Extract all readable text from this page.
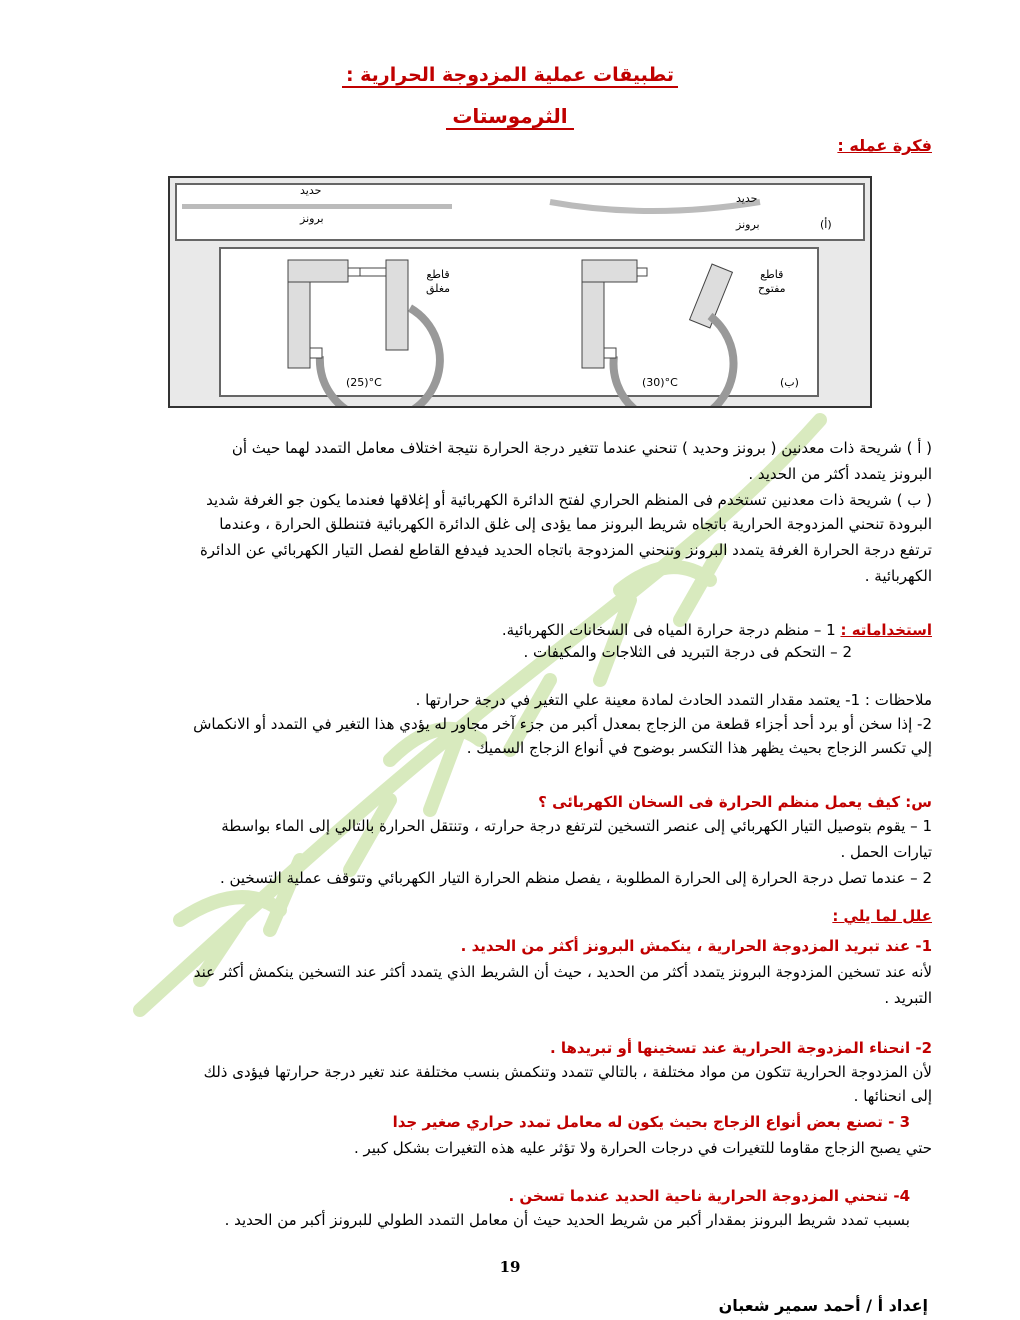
تطبيقات عملية المزدوجة الحرارية :
الثرموستات
فكرة عمله :
حديد
برونز
حديد
برونز	(أ)
قاطع
مغلق
قاطع
مفتوح
(25)°C	(30)°C	(ب)
( أ ) شريحة ذات معدنين ( برونز وحديد ) تنحني عندما تتغير درجة الحرارة نتيجة اختلاف معامل التمدد لهما حيث أن
البرونز يتمدد أكثر من الحديد .
( ب ) شريحة ذات معدنين تستخدم فى المنظم الحراري لفتح الدائرة الكهربائية أو إغلاقها فعندما يكون جو الغرفة شديد
البرودة تنحني المزدوجة الحرارية باتجاه شريط البرونز مما يؤدى إلى غلق الدائرة الكهربائية فتنطلق الحرارة ، وعندما
ترتفع درجة الحرارة الغرفة يتمدد البرونز وتنحني المزدوجة باتجاه الحديد فيدفع القاطع لفصل التيار الكهربائي عن الدائرة
الكهربائية .
استخداماته : 1 – منظم درجة حرارة المياه فى السخانات الكهربائية.
2 – التحكم فى درجة التبريد فى الثلاجات والمكيفات .
ملاحظات : 1- يعتمد مقدار التمدد الحادث لمادة معينة علي التغير في درجة حرارتها .
2- إذا سخن أو برد أحد أجزاء قطعة من الزجاج بمعدل أكبر من جزء آخر مجاور له يؤدي هذا التغير في التمدد أو الانكماش
إلي تكسر الزجاج بحيث يظهر هذا التكسر بوضوح في أنواع الزجاج السميك .
س: كيف يعمل منظم الحرارة فى السخان الكهربائى ؟
1 – يقوم بتوصيل التيار الكهربائي إلى عنصر التسخين لترتفع درجة حرارته ، وتنتقل الحرارة بالتالي إلى الماء بواسطة
تيارات الحمل .
2 – عندما تصل درجة الحرارة إلى الحرارة المطلوبة ، يفصل منظم الحرارة التيار الكهربائي وتتوقف عملية التسخين .
علل لما يلي :
1- عند تبريد المزدوجة الحرارية ، ينكمش البرونز أكثر من الحديد .
لأنه عند تسخين المزدوجة البرونز يتمدد أكثر من الحديد ، حيث أن الشريط الذي يتمدد أكثر عند التسخين ينكمش أكثر عند
التبريد .
2- انحناء المزدوجة الحرارية عند تسخينها أو تبريدها .
لأن المزدوجة الحرارية تتكون من مواد مختلفة ، بالتالي تتمدد وتنكمش بنسب مختلفة عند تغير درجة حرارتها فيؤدى ذلك
إلى انحنائها .
3 - تصنع بعض أنواع الزجاج بحيث يكون له معامل تمدد حراري صغير جدا
حتي يصبح الزجاج مقاوما للتغيرات في درجات الحرارة ولا تؤثر عليه هذه التغيرات بشكل كبير .
4- تنحني المزدوجة الحرارية ناحية الحديد عندما تسخن .
بسبب تمدد شريط البرونز بمقدار أكبر من شريط الحديد حيث أن معامل التمدد الطولي للبرونز أكبر من الحديد .
19
إعداد أ / أحمد سمير شعبان
